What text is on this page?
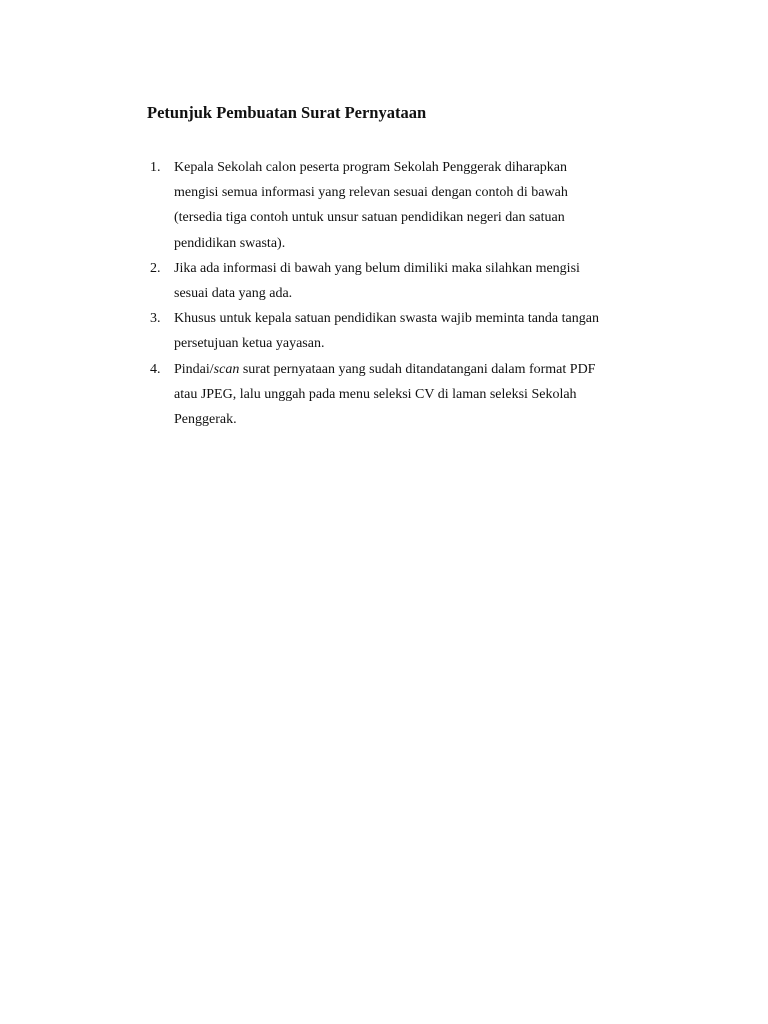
Petunjuk Pembuatan Surat Pernyataan
1. Kepala Sekolah calon peserta program Sekolah Penggerak diharapkan
mengisi semua informasi yang relevan sesuai dengan contoh di bawah
(tersedia tiga contoh untuk unsur satuan pendidikan negeri dan satuan
pendidikan swasta).
2. Jika ada informasi di bawah yang belum dimiliki maka silahkan mengisi
sesuai data yang ada.
3. Khusus untuk kepala satuan pendidikan swasta wajib meminta tanda tangan
persetujuan ketua yayasan.
4. Pindai/scan surat pernyataan yang sudah ditandatangani dalam format PDF
atau JPEG, lalu unggah pada menu seleksi CV di laman seleksi Sekolah
Penggerak.
